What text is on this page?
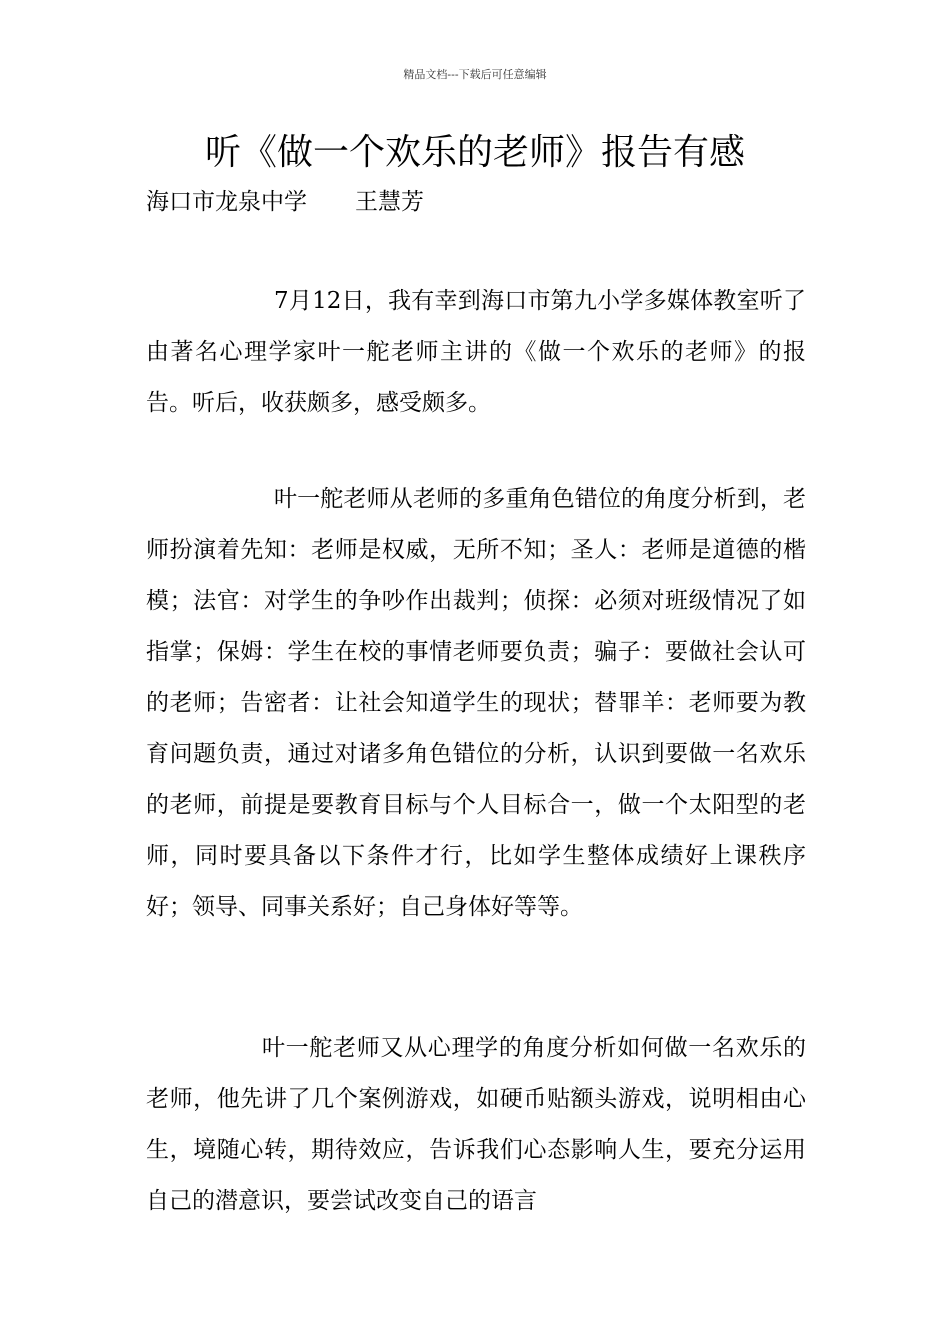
精品文档---下载后可任意编辑
听《做一个欢乐的老师》报告有感
海口市龙泉中学 王慧芳

7月12日，我有幸到海口市第九小学多媒体教室听了由著名心理学家叶一舵老师主讲的《做一个欢乐的老师》的报告。听后，收获颇多，感受颇多。

叶一舵老师从老师的多重角色错位的角度分析到，老师扮演着先知：老师是权威，无所不知；圣人：老师是道德的楷模；法官：对学生的争吵作出裁判；侦探：必须对班级情况了如指掌；保姆：学生在校的事情老师要负责；骗子：要做社会认可的老师；告密者：让社会知道学生的现状；替罪羊：老师要为教育问题负责，通过对诸多角色错位的分析，认识到要做一名欢乐的老师，前提是要教育目标与个人目标合一，做一个太阳型的老师，同时要具备以下条件才行，比如学生整体成绩好上课秩序好；领导、同事关系好；自己身体好等等。

叶一舵老师又从心理学的角度分析如何做一名欢乐的老师，他先讲了几个案例游戏，如硬币贴额头游戏，说明相由心生，境随心转，期待效应，告诉我们心态影响人生，要充分运用自己的潜意识，要尝试改变自己的语言
